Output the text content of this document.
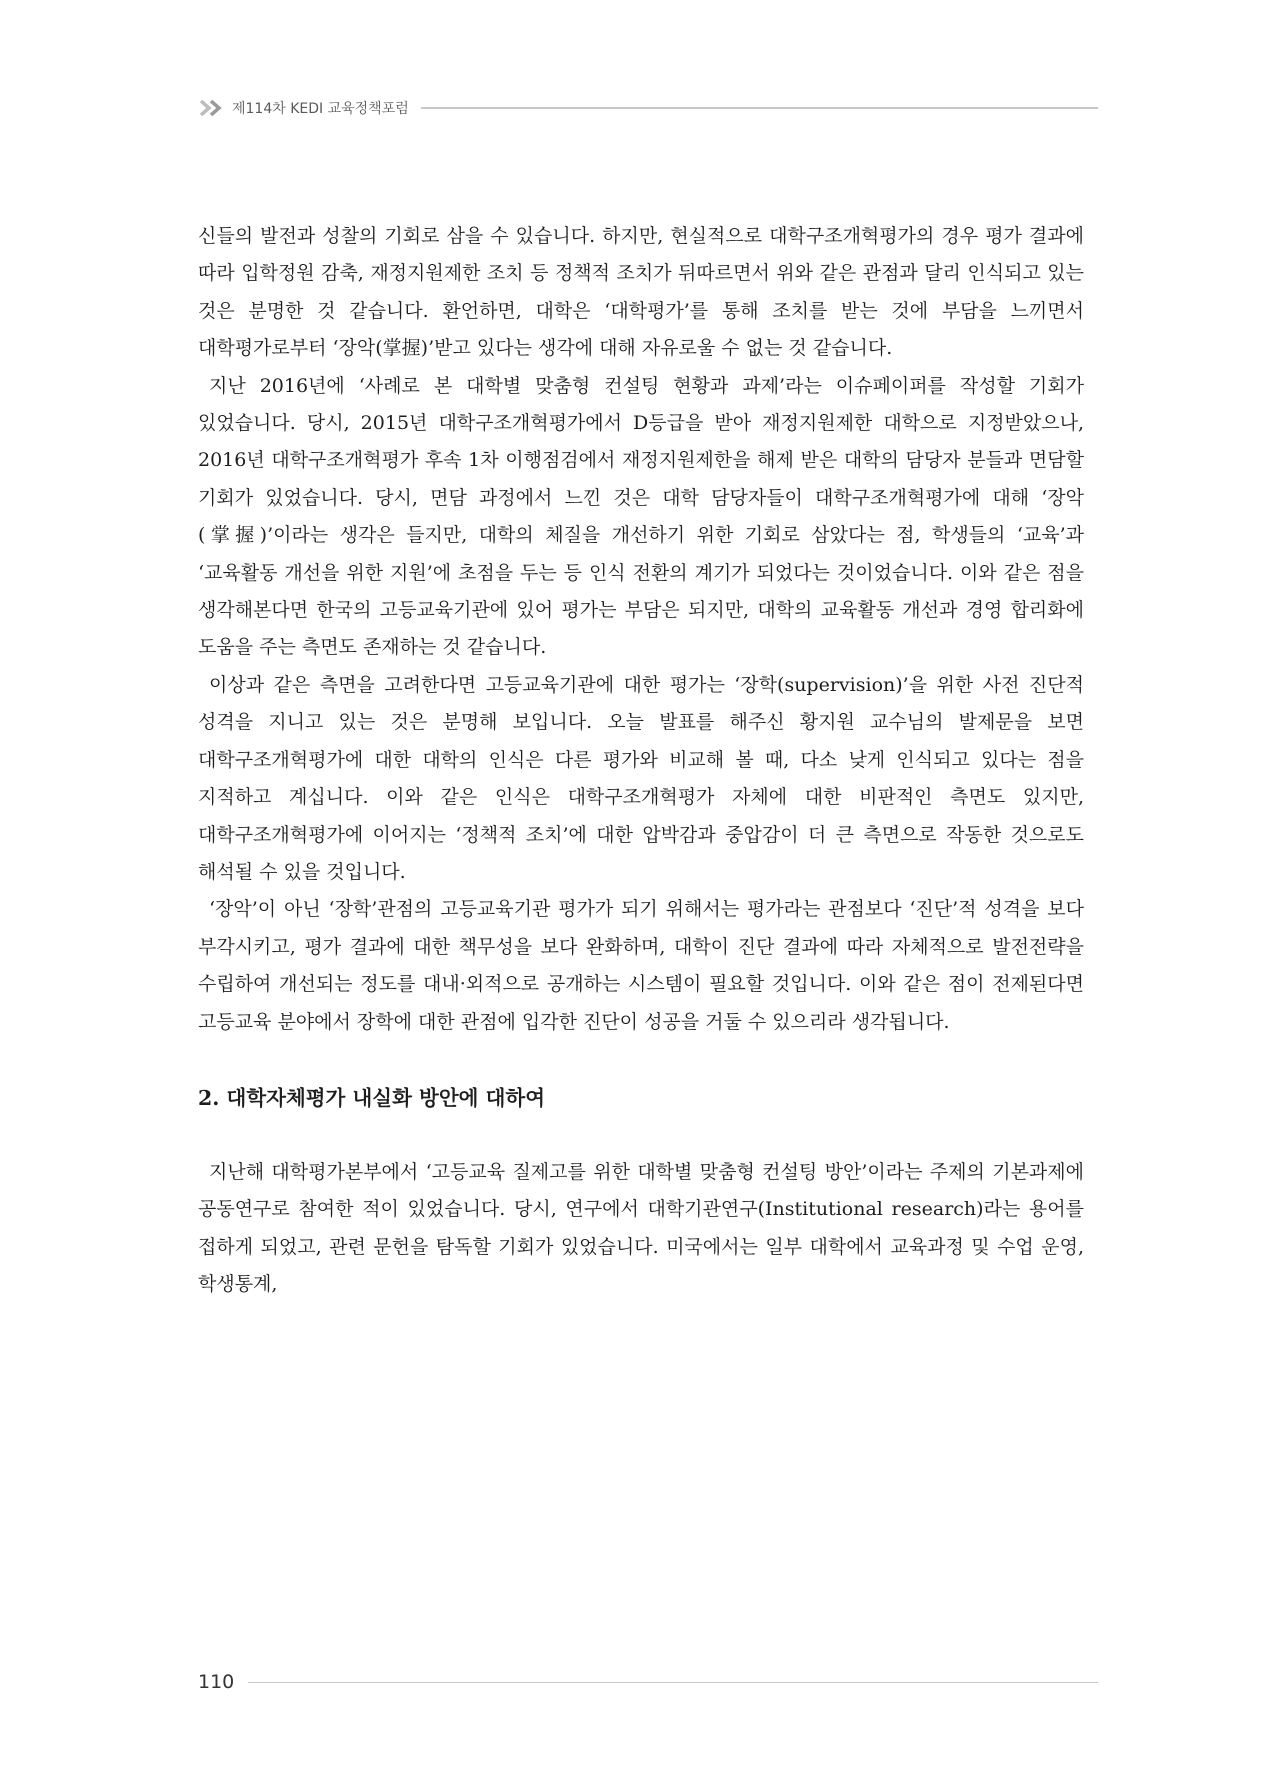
제114차 KEDI 교육정책포럼

신들의 발전과 성찰의 기회로 삼을 수 있습니다. 하지만, 현실적으로 대학구조개혁평가의 경우 평가 결과에 따라 입학정원 감축, 재정지원제한 조치 등 정책적 조치가 뒤따르면서 위와 같은 관점과 달리 인식되고 있는 것은 분명한 것 같습니다. 환언하면, 대학은 ‘대학평가’를 통해 조치를 받는 것에 부담을 느끼면서 대학평가로부터 ‘장악(掌握)’받고 있다는 생각에 대해 자유로울 수 없는 것 같습니다.

지난 2016년에 ‘사례로 본 대학별 맞춤형 컨설팅 현황과 과제’라는 이슈페이퍼를 작성할 기회가 있었습니다. 당시, 2015년 대학구조개혁평가에서 D등급을 받아 재정지원제한 대학으로 지정받았으나, 2016년 대학구조개혁평가 후속 1차 이행점검에서 재정지원제한을 해제 받은 대학의 담당자 분들과 면담할 기회가 있었습니다. 당시, 면담 과정에서 느낀 것은 대학 담당자들이 대학구조개혁평가에 대해 ‘장악(掌握)’이라는 생각은 들지만, 대학의 체질을 개선하기 위한 기회로 삼았다는 점, 학생들의 ‘교육’과 ‘교육활동 개선을 위한 지원’에 초점을 두는 등 인식 전환의 계기가 되었다는 것이었습니다. 이와 같은 점을 생각해본다면 한국의 고등교육기관에 있어 평가는 부담은 되지만, 대학의 교육활동 개선과 경영 합리화에 도움을 주는 측면도 존재하는 것 같습니다.

이상과 같은 측면을 고려한다면 고등교육기관에 대한 평가는 ‘장학(supervision)’을 위한 사전 진단적 성격을 지니고 있는 것은 분명해 보입니다. 오늘 발표를 해주신 황지원 교수님의 발제문을 보면 대학구조개혁평가에 대한 대학의 인식은 다른 평가와 비교해 볼 때, 다소 낮게 인식되고 있다는 점을 지적하고 계십니다. 이와 같은 인식은 대학구조개혁평가 자체에 대한 비판적인 측면도 있지만, 대학구조개혁평가에 이어지는 ‘정책적 조치’에 대한 압박감과 중압감이 더 큰 측면으로 작동한 것으로도 해석될 수 있을 것입니다.

‘장악’이 아닌 ‘장학’관점의 고등교육기관 평가가 되기 위해서는 평가라는 관점보다 ‘진단’적 성격을 보다 부각시키고, 평가 결과에 대한 책무성을 보다 완화하며, 대학이 진단 결과에 따라 자체적으로 발전전략을 수립하여 개선되는 정도를 대내·외적으로 공개하는 시스템이 필요할 것입니다. 이와 같은 점이 전제된다면 고등교육 분야에서 장학에 대한 관점에 입각한 진단이 성공을 거둘 수 있으리라 생각됩니다.

2. 대학자체평가 내실화 방안에 대하여

지난해 대학평가본부에서 ‘고등교육 질제고를 위한 대학별 맞춤형 컨설팅 방안’이라는 주제의 기본과제에 공동연구로 참여한 적이 있었습니다. 당시, 연구에서 대학기관연구(Institutional research)라는 용어를 접하게 되었고, 관련 문헌을 탐독할 기회가 있었습니다. 미국에서는 일부 대학에서 교육과정 및 수업 운영, 학생통계,

110
